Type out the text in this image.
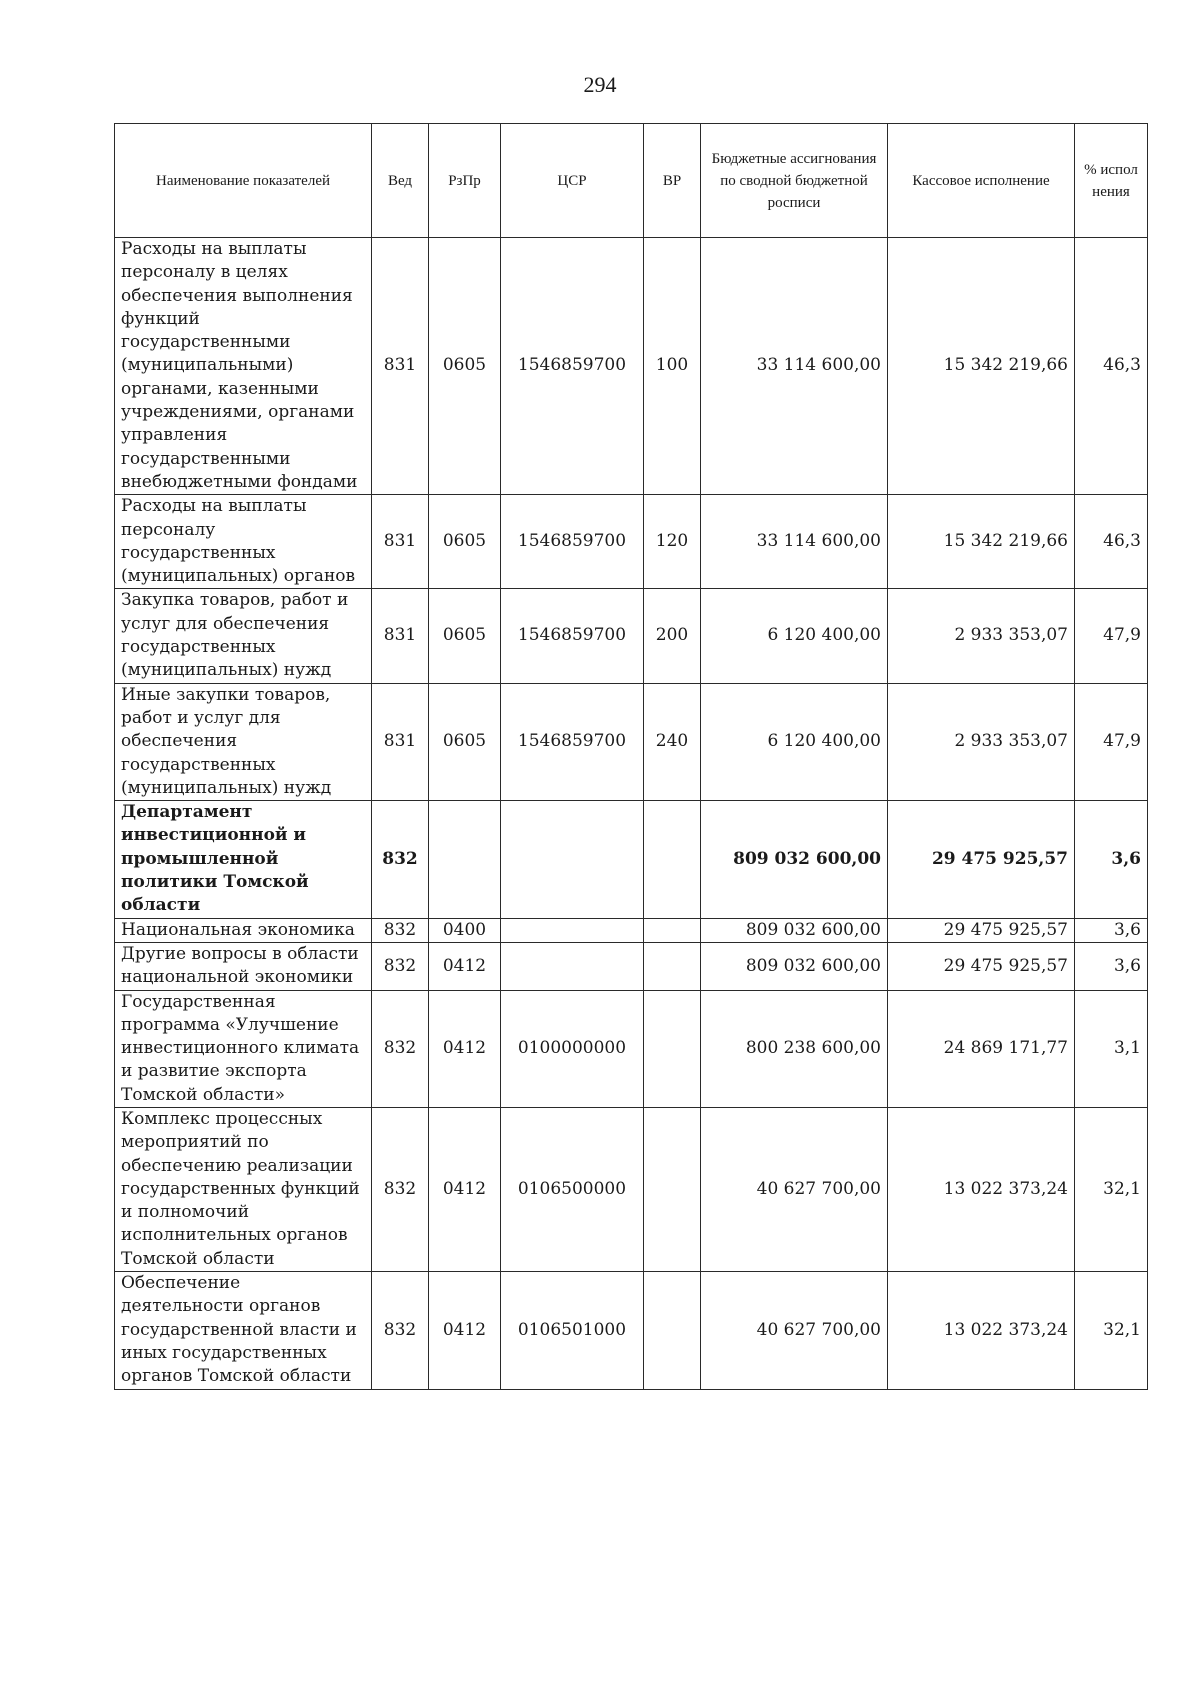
294
Наименование показателей	Вед	РзПр	ЦСР	ВР	Бюджетные ассигнования по сводной бюджетной росписи	Кассовое исполнение	% испол нения
Расходы на выплаты персоналу в целях обеспечения выполнения функций государственными (муниципальными) органами, казенными учреждениями, органами управления государственными внебюджетными фондами	831	0605	1546859700	100	33 114 600,00	15 342 219,66	46,3
Расходы на выплаты персоналу государственных (муниципальных) органов	831	0605	1546859700	120	33 114 600,00	15 342 219,66	46,3
Закупка товаров, работ и услуг для обеспечения государственных (муниципальных) нужд	831	0605	1546859700	200	6 120 400,00	2 933 353,07	47,9
Иные закупки товаров, работ и услуг для обеспечения государственных (муниципальных) нужд	831	0605	1546859700	240	6 120 400,00	2 933 353,07	47,9
Департамент инвестиционной и промышленной политики Томской области	832				809 032 600,00	29 475 925,57	3,6
Национальная экономика	832	0400			809 032 600,00	29 475 925,57	3,6
Другие вопросы в области национальной экономики	832	0412			809 032 600,00	29 475 925,57	3,6
Государственная программа «Улучшение инвестиционного климата и развитие экспорта Томской области»	832	0412	0100000000		800 238 600,00	24 869 171,77	3,1
Комплекс процессных мероприятий по обеспечению реализации государственных функций и полномочий исполнительных органов Томской области	832	0412	0106500000		40 627 700,00	13 022 373,24	32,1
Обеспечение деятельности органов государственной власти и иных государственных органов Томской области	832	0412	0106501000		40 627 700,00	13 022 373,24	32,1
